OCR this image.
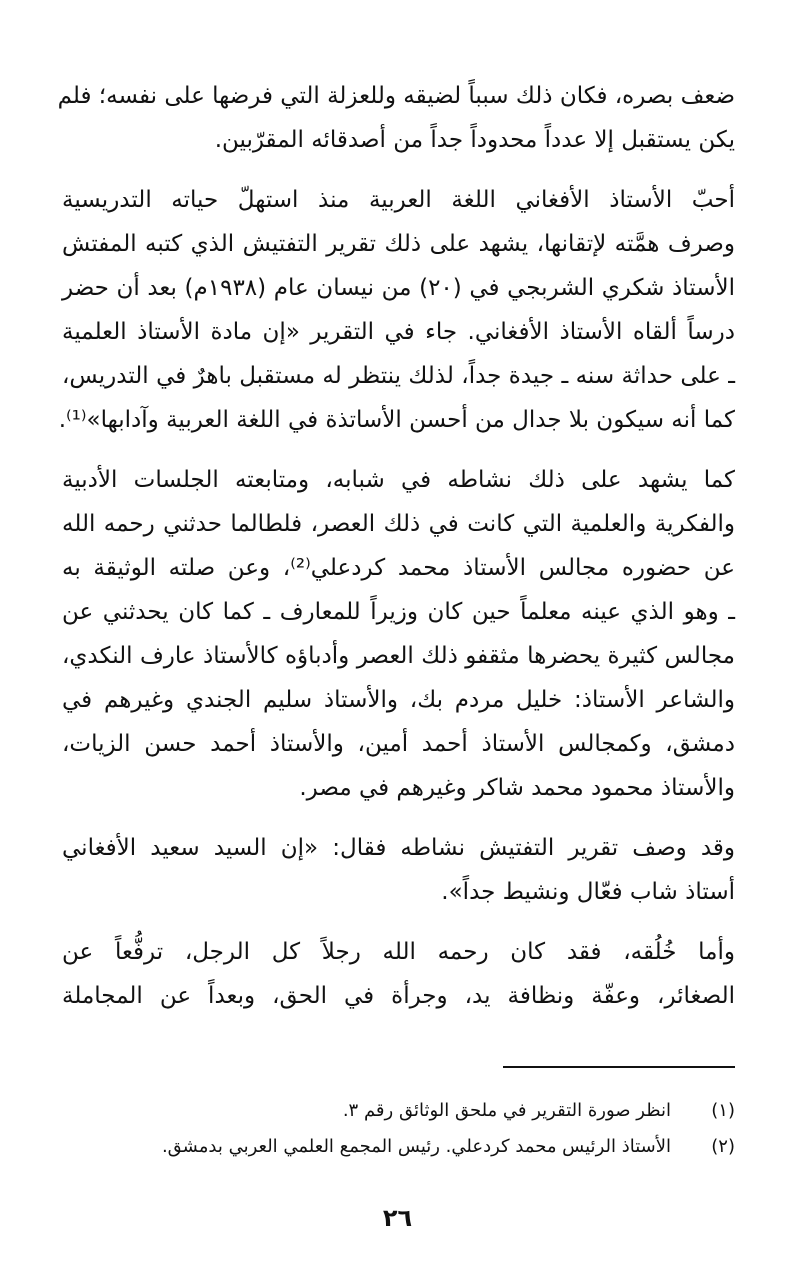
ضعف بصره، فكان ذلك سبباً لضيقه وللعزلة التي فرضها على نفسه؛ فلم
يكن يستقبل إلا عدداً محدوداً جداً من أصدقائه المقرّبين.
أحبّ الأستاذ الأفغاني اللغة العربية منذ استهلّ حياته التدريسية
وصرف همَّته لإتقانها، يشهد على ذلك تقرير التفتيش الذي كتبه المفتش
الأستاذ شكري الشربجي في (٢٠) من نيسان عام (١٩٣٨م) بعد أن حضر
درساً ألقاه الأستاذ الأفغاني. جاء في التقرير «إن مادة الأستاذ العلمية
ـ على حداثة سنه ـ جيدة جداً، لذلك ينتظر له مستقبل باهرٌ في التدريس،
كما أنه سيكون بلا جدال من أحسن الأساتذة في اللغة العربية وآدابها»⁽¹⁾.
كما يشهد على ذلك نشاطه في شبابه، ومتابعته الجلسات الأدبية
والفكرية والعلمية التي كانت في ذلك العصر، فلطالما حدثني رحمه الله
عن حضوره مجالس الأستاذ محمد كردعلي⁽²⁾، وعن صلته الوثيقة به
ـ وهو الذي عينه معلماً حين كان وزيراً للمعارف ـ كما كان يحدثني عن
مجالس كثيرة يحضرها مثقفو ذلك العصر وأدباؤه كالأستاذ عارف النكدي،
والشاعر الأستاذ: خليل مردم بك، والأستاذ سليم الجندي وغيرهم في
دمشق، وكمجالس الأستاذ أحمد أمين، والأستاذ أحمد حسن الزيات،
والأستاذ محمود محمد شاكر وغيرهم في مصر.
وقد وصف تقرير التفتيش نشاطه فقال: «إن السيد سعيد الأفغاني
أستاذ شاب فعّال ونشيط جداً».
وأما خُلُقه، فقد كان رحمه الله رجلاً كل الرجل، ترفُّعاً عن
الصغائر، وعفّة ونظافة يد، وجرأة في الحق، وبعداً عن المجاملة
(١)
انظر صورة التقرير في ملحق الوثائق رقم ٣.
(٢)
الأستاذ الرئيس محمد كردعلي. رئيس المجمع العلمي العربي بدمشق.
٢٦
